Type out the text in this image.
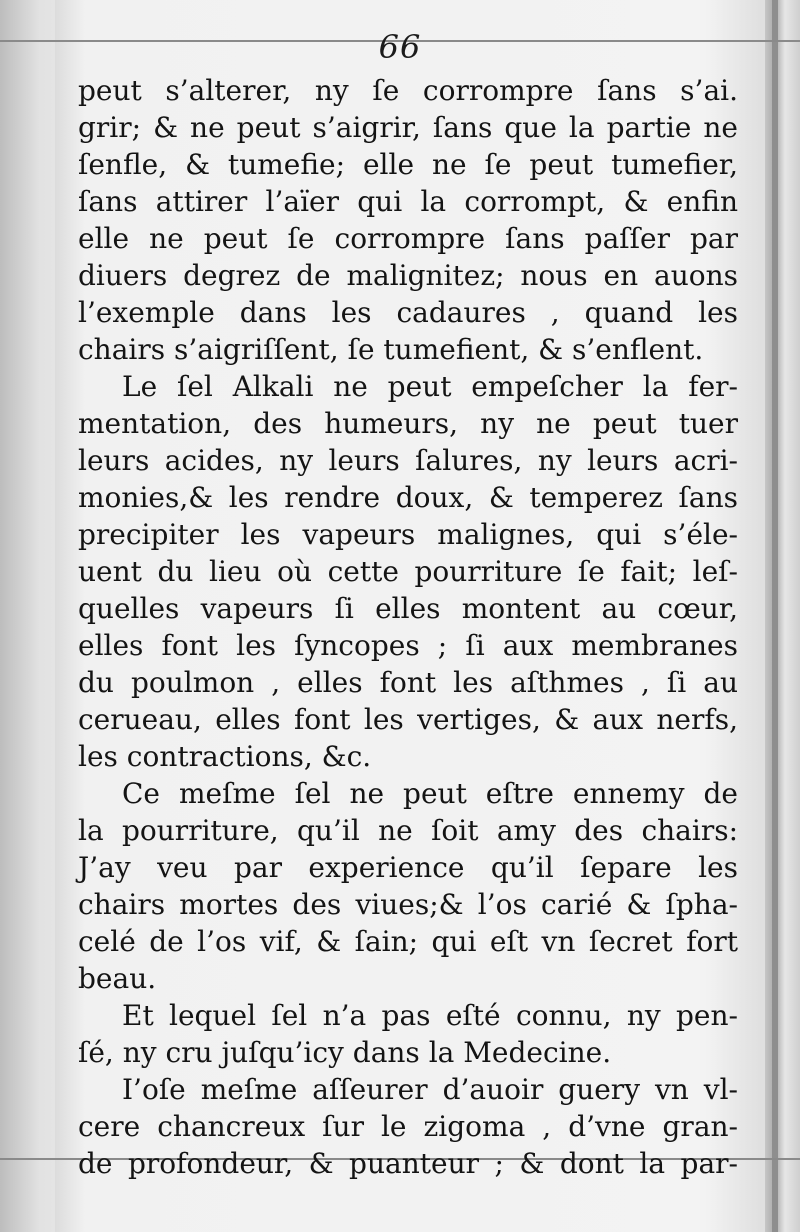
66
peut s’alterer, ny ſe corrompre ſans s’ai.
grir; & ne peut s’aigrir, ſans que la partie ne
ſenfle, & tumefie; elle ne ſe peut tumefier,
ſans attirer l’aïer qui la corrompt, & enfin
elle ne peut ſe corrompre ſans paſſer par
diuers degrez de malignitez; nous en auons
l’exemple dans les cadaures , quand les
chairs s’aigriſſent, ſe tumefient, & s’enflent.
Le ſel Alkali ne peut empeſcher la fer-
mentation, des humeurs, ny ne peut tuer
leurs acides, ny leurs ſalures, ny leurs acri-
monies,& les rendre doux, & temperez ſans
precipiter les vapeurs malignes, qui s’éle-
uent du lieu où cette pourriture ſe fait; leſ-
quelles vapeurs ſi elles montent au cœur,
elles font les ſyncopes ; ſi aux membranes
du poulmon , elles font les aſthmes , ſi au
cerueau, elles font les vertiges, & aux nerfs,
les contractions, &c.
Ce meſme ſel ne peut eſtre ennemy de
la pourriture, qu’il ne ſoit amy des chairs:
J’ay veu par experience qu’il ſepare les
chairs mortes des viues;& l’os carié & ſpha-
celé de l’os vif, & ſain; qui eſt vn ſecret fort
beau.
Et lequel ſel n’a pas eſté connu, ny pen-
ſé, ny cru juſqu’icy dans la Medecine.
I’oſe meſme aſſeurer d’auoir guery vn vl-
cere chancreux ſur le zigoma , d’vne gran-
de profondeur, & puanteur ; & dont la par-
